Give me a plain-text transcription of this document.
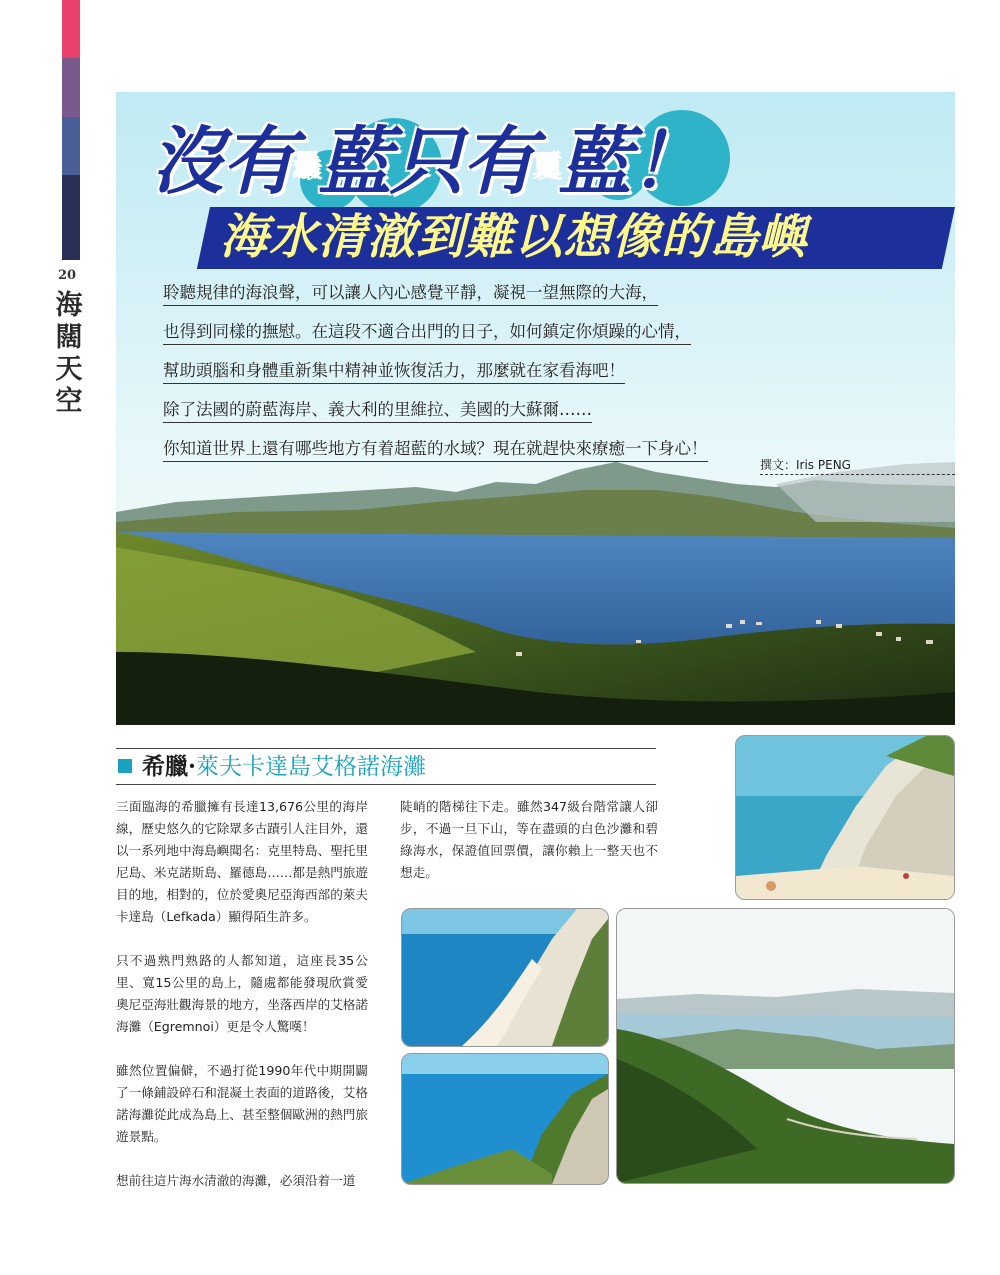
20
海
闊
天
空
沒有最藍只有更藍！
海水清澈到難以想像的島嶼
聆聽規律的海浪聲，可以讓人內心感覺平靜，凝視一望無際的大海，
也得到同樣的撫慰。在這段不適合出門的日子，如何鎮定你煩躁的心情，
幫助頭腦和身體重新集中精神並恢復活力，那麼就在家看海吧！
除了法國的蔚藍海岸、義大利的里維拉、美國的大蘇爾……
你知道世界上還有哪些地方有着超藍的水域？現在就趕快來療癒一下身心！
撰文：Iris PENG
希臘·萊夫卡達島艾格諾海灘

三面臨海的希臘擁有長達13,676公里的海岸線，歷史悠久的它除眾多古蹟引人注目外，還以一系列地中海島嶼聞名：克里特島、聖托里尼島、米克諾斯島、羅德島……都是熱門旅遊目的地，相對的，位於愛奧尼亞海西部的萊夫卡達島（Lefkada）顯得陌生許多。

只不過熟門熟路的人都知道，這座長35公里、寬15公里的島上，隨處都能發現欣賞愛奧尼亞海壯觀海景的地方，坐落西岸的艾格諾海灘（Egremnoi）更是令人驚嘆！

雖然位置偏僻，不過打從1990年代中期開闢了一條鋪設碎石和混凝土表面的道路後，艾格諾海灘從此成為島上、甚至整個歐洲的熱門旅遊景點。

想前往這片海水清澈的海灘，必須沿着一道

陡峭的階梯往下走。雖然347級台階常讓人卻步，不過一旦下山，等在盡頭的白色沙灘和碧綠海水，保證值回票價，讓你賴上一整天也不想走。
